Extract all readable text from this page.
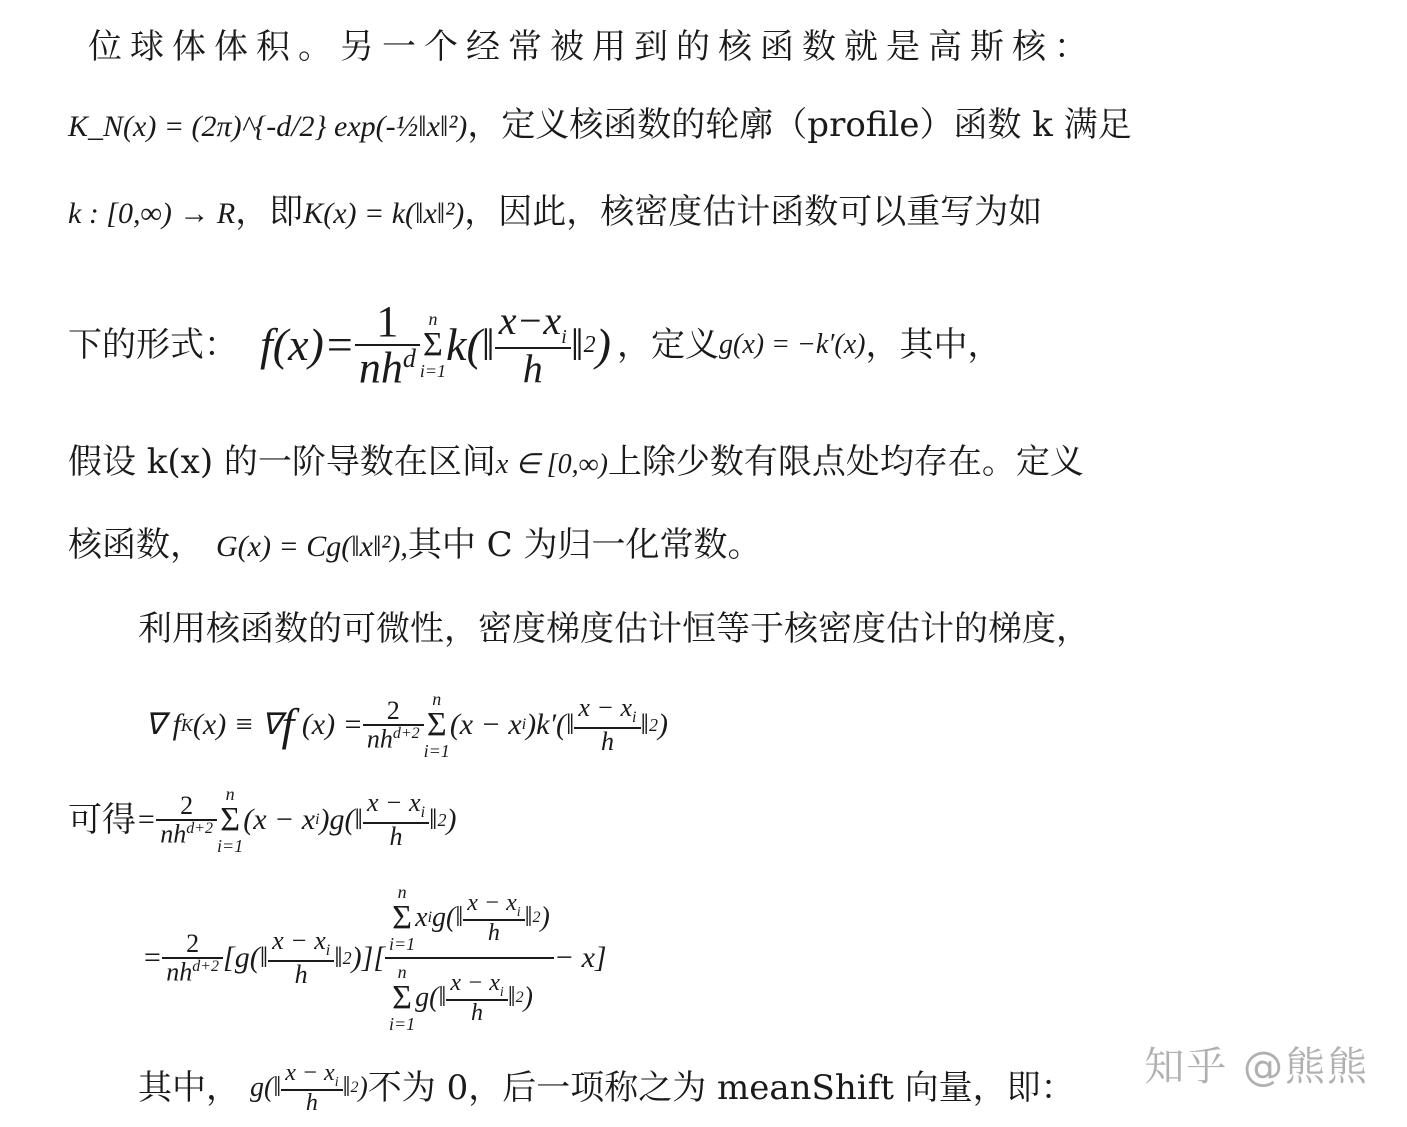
位球体体积。另一个经常被用到的核函数就是高斯核：
K_N(x) = (2π)^{-d/2} exp(-½‖x‖²)，定义核函数的轮廓（profile）函数 k 满足
k : [0,∞) → R，即K(x) = k(‖x‖²)，因此，核密度估计函数可以重写为如
下的形式： $f(x)= \frac{1}{nh^d}$ n
Σ
i=1
k(‖ $\frac{x-x_i}{h}$ ‖ 2 ) ，定义 g(x) = −k′(x) ，其中，
假设 k(x) 的一阶导数在区间x ∈ [0,∞)上除少数有限点处均存在。定义
核函数， G(x) = Cg(‖x‖²),其中 C 为归一化常数。
利用核函数的可微性，密度梯度估计恒等于核密度估计的梯度，
∇ f K (x) ≡ ∇ f $(x) = \frac{2}{nh^{d+2}}$ n
Σ
i=1
(x − x i )k′(‖ $\frac{x - x_i}{h}$ ‖ 2 )
可得 = $\frac{2}{nh^{d+2}}$ n
Σ
i=1
(x − x i )g(‖ $\frac{x - x_i}{h}$ ‖ 2 )
= $\frac{2}{nh^{d+2}}$ [g(‖ $\frac{x - x_i}{h}$ ‖ 2 )][ n
Σ
i=1
x i g(‖ $\frac{x - x_i}{h}$ ‖ 2 )
n
Σ
i=1
g(‖ $\frac{x - x_i}{h}$ ‖ 2 ) − x]
其中， g(‖ $\frac{x - x_i}{h}$ ‖ 2 ) 不为 0，后一项称之为 meanShift 向量，即： 知乎 @熊熊
